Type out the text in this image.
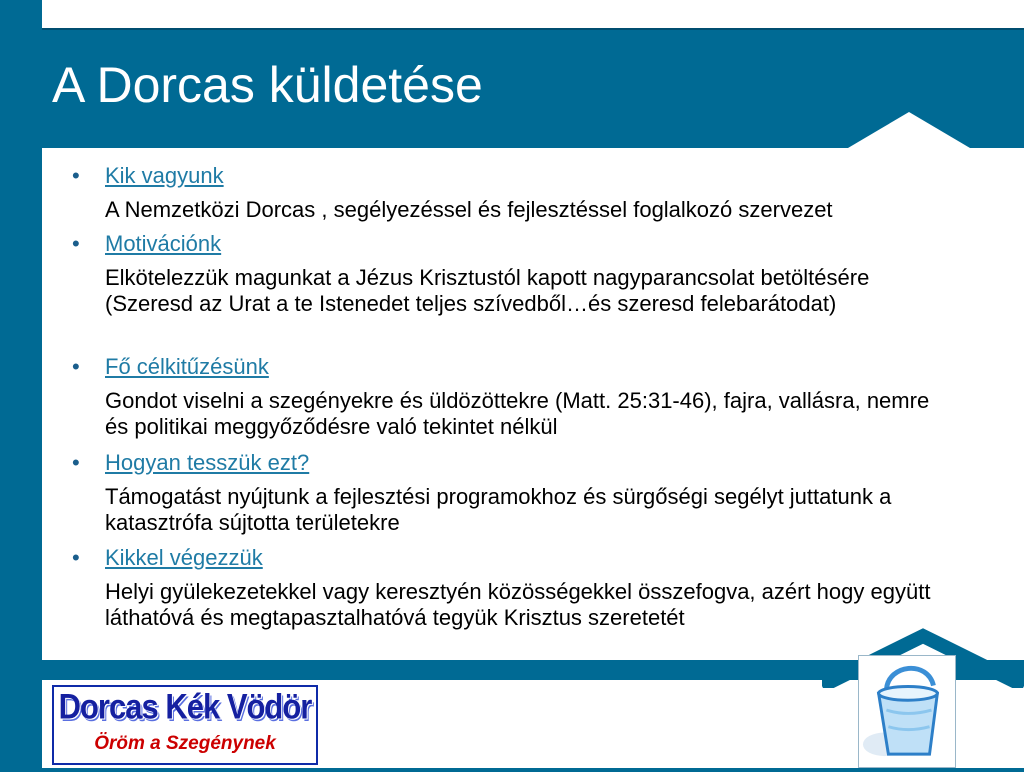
A Dorcas küldetése
•	Kik vagyunk
A Nemzetközi Dorcas , segélyezéssel és fejlesztéssel foglalkozó szervezet
•	Motivációnk
Elkötelezzük magunkat a Jézus Krisztustól kapott nagyparancsolat betöltésére (Szeresd az Urat a te Istenedet teljes szívedből…és szeresd felebarátodat)
•	Fő célkitűzésünk
Gondot viselni a szegényekre és üldözöttekre (Matt. 25:31-46), fajra, vallásra, nemre és politikai meggyőződésre való tekintet nélkül
•	Hogyan tesszük ezt?
Támogatást nyújtunk a fejlesztési programokhoz és sürgőségi segélyt juttatunk a katasztrófa sújtotta területekre
•	Kikkel végezzük
Helyi gyülekezetekkel vagy keresztyén közösségekkel összefogva, azért hogy együtt láthatóvá és megtapasztalhatóvá tegyük Krisztus szeretetét
Dorcas Kék Vödör
Öröm a Szegénynek
